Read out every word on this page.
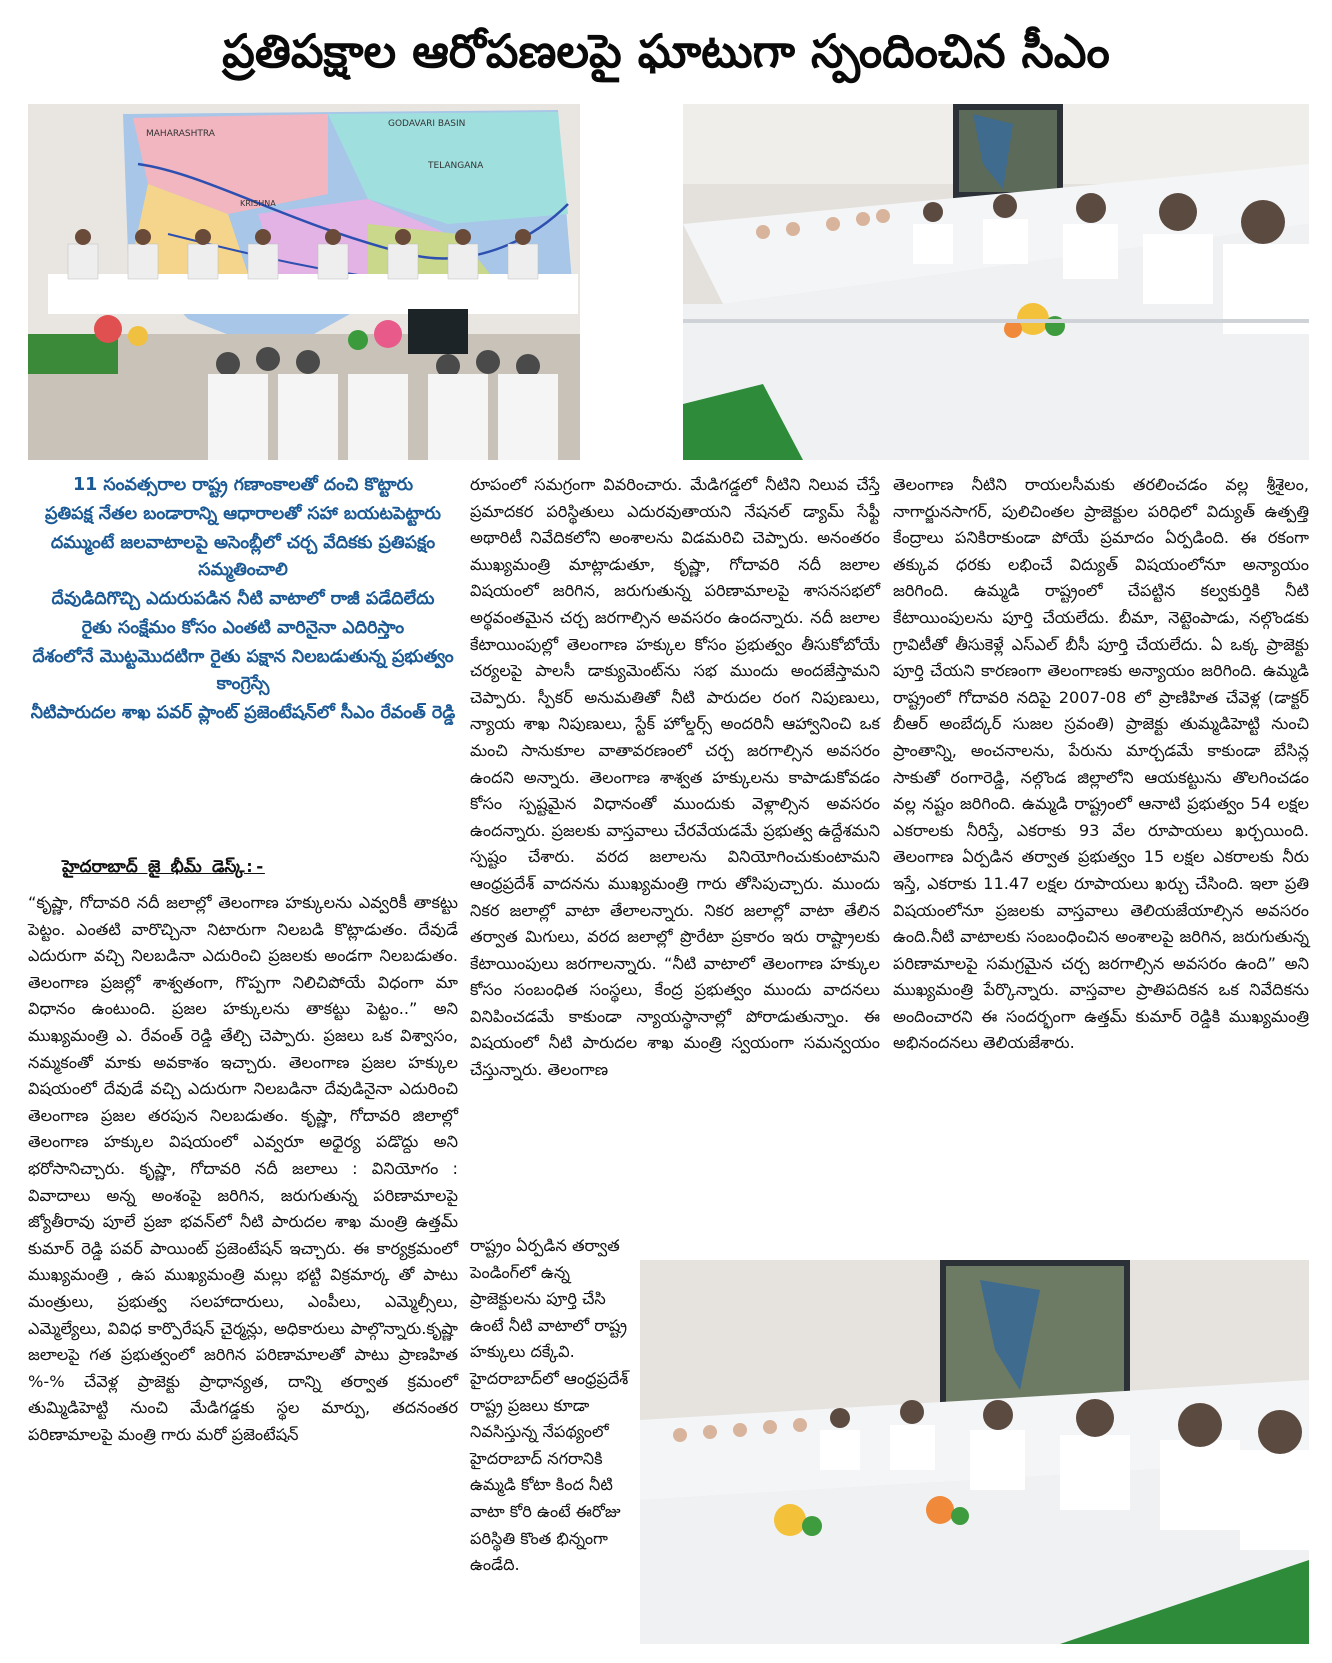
ప్రతిపక్షాల ఆరోపణలపై ఘాటుగా స్పందించిన సీఎం
MAHARASHTRA
GODAVARI BASIN
TELANGANA
KRISHNA

11 సంవత్సరాల రాష్ట్ర గణాంకాలతో దంచి కొట్టారు

ప్రతిపక్ష నేతల బండారాన్ని ఆధారాలతో సహా బయటపెట్టారు

దమ్ముంటే జలవాటాలపై అసెంబ్లీలో చర్చ వేదికకు ప్రతిపక్షం సమ్మతించాలి

దేవుడిదిగొచ్చి ఎదురుపడిన నీటి వాటాలో రాజీ పడేదిలేదు

రైతు సంక్షేమం కోసం ఎంతటి వారినైనా ఎదిరిస్తాం

దేశంలోనే మొట్టమొదటిగా రైతు పక్షాన నిలబడుతున్న ప్రభుత్వం కాంగ్రెస్సే

నీటిపారుదల శాఖ పవర్ ప్లాంట్ ప్రజెంటేషన్‌లో సీఎం రేవంత్ రెడ్డి

హైదరాబాద్ జై భీమ్ డెస్క్:-

“కృష్ణా, గోదావరి నదీ జలాల్లో తెలంగాణ హక్కులను ఎవ్వరికీ తాకట్టు పెట్టం. ఎంతటి వారొచ్చినా నిటారుగా నిలబడి కొట్లాడుతం. దేవుడే ఎదురుగా వచ్చి నిలబడినా ఎదురించి ప్రజలకు అండగా నిలబడుతం. తెలంగాణ ప్రజల్లో శాశ్వతంగా, గొప్పగా నిలిచిపోయే విధంగా మా విధానం ఉంటుంది. ప్రజల హక్కులను తాకట్టు పెట్టం..” అని ముఖ్యమంత్రి ఎ. రేవంత్ రెడ్డి తేల్చి చెప్పారు. ప్రజలు ఒక విశ్వాసం, నమ్మకంతో మాకు అవకాశం ఇచ్చారు. తెలంగాణ ప్రజల హక్కుల విషయంలో దేవుడే వచ్చి ఎదురుగా నిలబడినా దేవుడినైనా ఎదురించి తెలంగాణ ప్రజల తరపున నిలబడుతం. కృష్ణా, గోదావరి జిలాల్లో తెలంగాణ హక్కుల విషయంలో ఎవ్వరూ అధైర్య పడొద్దు అని భరోసానిచ్చారు. కృష్ణా, గోదావరి నదీ జలాలు : వినియోగం : వివాదాలు అన్న అంశంపై జరిగిన, జరుగుతున్న పరిణామాలపై జ్యోతీరావు పూలే ప్రజా భవన్‌లో నీటి పారుదల శాఖ మంత్రి ఉత్తమ్ కుమార్ రెడ్డి పవర్ పాయింట్ ప్రజెంటేషన్ ఇచ్చారు. ఈ కార్యక్రమంలో ముఖ్యమంత్రి , ఉప ముఖ్యమంత్రి మల్లు భట్టి విక్రమార్క తో పాటు మంత్రులు, ప్రభుత్వ సలహాదారులు, ఎంపీలు, ఎమ్మెల్సీలు, ఎమ్మెల్యేలు, వివిధ కార్పొరేషన్ చైర్మన్లు, అధికారులు పాల్గొన్నారు.కృష్ణా జలాలపై గత ప్రభుత్వంలో జరిగిన పరిణామాలతో పాటు ప్రాణహిత %-% చేవెళ్ల ప్రాజెక్టు ప్రాధాన్యత, దాన్ని తర్వాత క్రమంలో తుమ్మిడిహెట్టి నుంచి మేడిగడ్డకు స్థల మార్పు, తదనంతర పరిణామాలపై మంత్రి గారు మరో ప్రజెంటేషన్

రూపంలో సమగ్రంగా వివరించారు. మేడిగడ్డలో నీటిని నిలువ చేస్తే ప్రమాదకర పరిస్థితులు ఎదురవుతాయని నేషనల్ డ్యామ్ సేఫ్టీ అథారిటీ నివేదికలోని అంశాలను విడమరిచి చెప్పారు. అనంతరం ముఖ్యమంత్రి మాట్లాడుతూ, కృష్ణా, గోదావరి నదీ జలాల విషయంలో జరిగిన, జరుగుతున్న పరిణామాలపై శాసనసభలో అర్థవంతమైన చర్చ జరగాల్సిన అవసరం ఉందన్నారు. నదీ జలాల కేటాయింపుల్లో తెలంగాణ హక్కుల కోసం ప్రభుత్వం తీసుకోబోయే చర్యలపై పాలసీ డాక్యుమెంట్‌ను సభ ముందు అందజేస్తామని చెప్పారు. స్పీకర్ అనుమతితో నీటి పారుదల రంగ నిపుణులు, న్యాయ శాఖ నిపుణులు, స్టేక్ హోల్డర్స్ అందరినీ ఆహ్వానించి ఒక మంచి సానుకూల వాతావరణంలో చర్చ జరగాల్సిన అవసరం ఉందని అన్నారు. తెలంగాణ శాశ్వత హక్కులను కాపాడుకోవడం కోసం స్పష్టమైన విధానంతో ముందుకు వెళ్లాల్సిన అవసరం ఉందన్నారు. ప్రజలకు వాస్తవాలు చేరవేయడమే ప్రభుత్వ ఉద్దేశమని స్పష్టం చేశారు. వరద జలాలను వినియోగించుకుంటామని ఆంధ్రప్రదేశ్ వాదనను ముఖ్యమంత్రి గారు తోసిపుచ్చారు. ముందు నికర జలాల్లో వాటా తేలాలన్నారు. నికర జలాల్లో వాటా తేలిన తర్వాత మిగులు, వరద జలాల్లో ప్రొరేటా ప్రకారం ఇరు రాష్ట్రాలకు కేటాయింపులు జరగాలన్నారు. “నీటి వాటాలో తెలంగాణ హక్కుల కోసం సంబంధిత సంస్థలు, కేంద్ర ప్రభుత్వం ముందు వాదనలు వినిపించడమే కాకుండా న్యాయస్థానాల్లో పోరాడుతున్నాం. ఈ విషయంలో నీటి పారుదల శాఖ మంత్రి స్వయంగా సమన్వయం చేస్తున్నారు. తెలంగాణ

రాష్ట్రం ఏర్పడిన తర్వాత పెండింగ్‌లో ఉన్న ప్రాజెక్టులను పూర్తి చేసి ఉంటే నీటి వాటాలో రాష్ట్ర హక్కులు దక్కేవి. హైదరాబాద్‌లో ఆంధ్రప్రదేశ్ రాష్ట్ర ప్రజలు కూడా నివసిస్తున్న నేపథ్యంలో హైదరాబాద్ నగరానికి ఉమ్మడి కోటా కింద నీటి వాటా కోరి ఉంటే ఈరోజు పరిస్థితి కొంత భిన్నంగా ఉండేది.

తెలంగాణ నీటిని రాయలసీమకు తరలించడం వల్ల శ్రీశైలం, నాగార్జునసాగర్, పులిచింతల ప్రాజెక్టుల పరిధిలో విద్యుత్ ఉత్పత్తి కేంద్రాలు పనికిరాకుండా పోయే ప్రమాదం ఏర్పడింది. ఈ రకంగా తక్కువ ధరకు లభించే విద్యుత్ విషయంలోనూ అన్యాయం జరిగింది. ఉమ్మడి రాష్ట్రంలో చేపట్టిన కల్వకుర్తికి నీటి కేటాయింపులను పూర్తి చేయలేదు. బీమా, నెట్టెంపాడు, నల్గొండకు గ్రావిటీతో తీసుకెళ్లే ఎస్ఎల్ బీసీ పూర్తి చేయలేదు. ఏ ఒక్క ప్రాజెక్టు పూర్తి చేయని కారణంగా తెలంగాణకు అన్యాయం జరిగింది. ఉమ్మడి రాష్ట్రంలో గోదావరి నదిపై 2007-08 లో ప్రాణిహిత చేవెళ్ల (డాక్టర్ బీఆర్ అంబేద్కర్ సుజల స్రవంతి) ప్రాజెక్టు తుమ్మడిహెట్టి నుంచి ప్రాంతాన్ని, అంచనాలను, పేరును మార్చడమే కాకుండా బేసిన్ల సాకుతో రంగారెడ్డి, నల్గొండ జిల్లాలోని ఆయకట్టును తొలగించడం వల్ల నష్టం జరిగింది. ఉమ్మడి రాష్ట్రంలో ఆనాటి ప్రభుత్వం 54 లక్షల ఎకరాలకు నీరిస్తే, ఎకరాకు 93 వేల రూపాయలు ఖర్చయింది. తెలంగాణ ఏర్పడిన తర్వాత ప్రభుత్వం 15 లక్షల ఎకరాలకు నీరు ఇస్తే, ఎకరాకు 11.47 లక్షల రూపాయలు ఖర్చు చేసింది. ఇలా ప్రతి విషయంలోనూ ప్రజలకు వాస్తవాలు తెలియజేయాల్సిన అవసరం ఉంది.నీటి వాటాలకు సంబంధించిన అంశాలపై జరిగిన, జరుగుతున్న పరిణామాలపై సమగ్రమైన చర్చ జరగాల్సిన అవసరం ఉంది” అని ముఖ్యమంత్రి పేర్కొన్నారు. వాస్తవాల ప్రాతిపదికన ఒక నివేదికను అందించారని ఈ సందర్భంగా ఉత్తమ్ కుమార్ రెడ్డికి ముఖ్యమంత్రి అభినందనలు తెలియజేశారు.
